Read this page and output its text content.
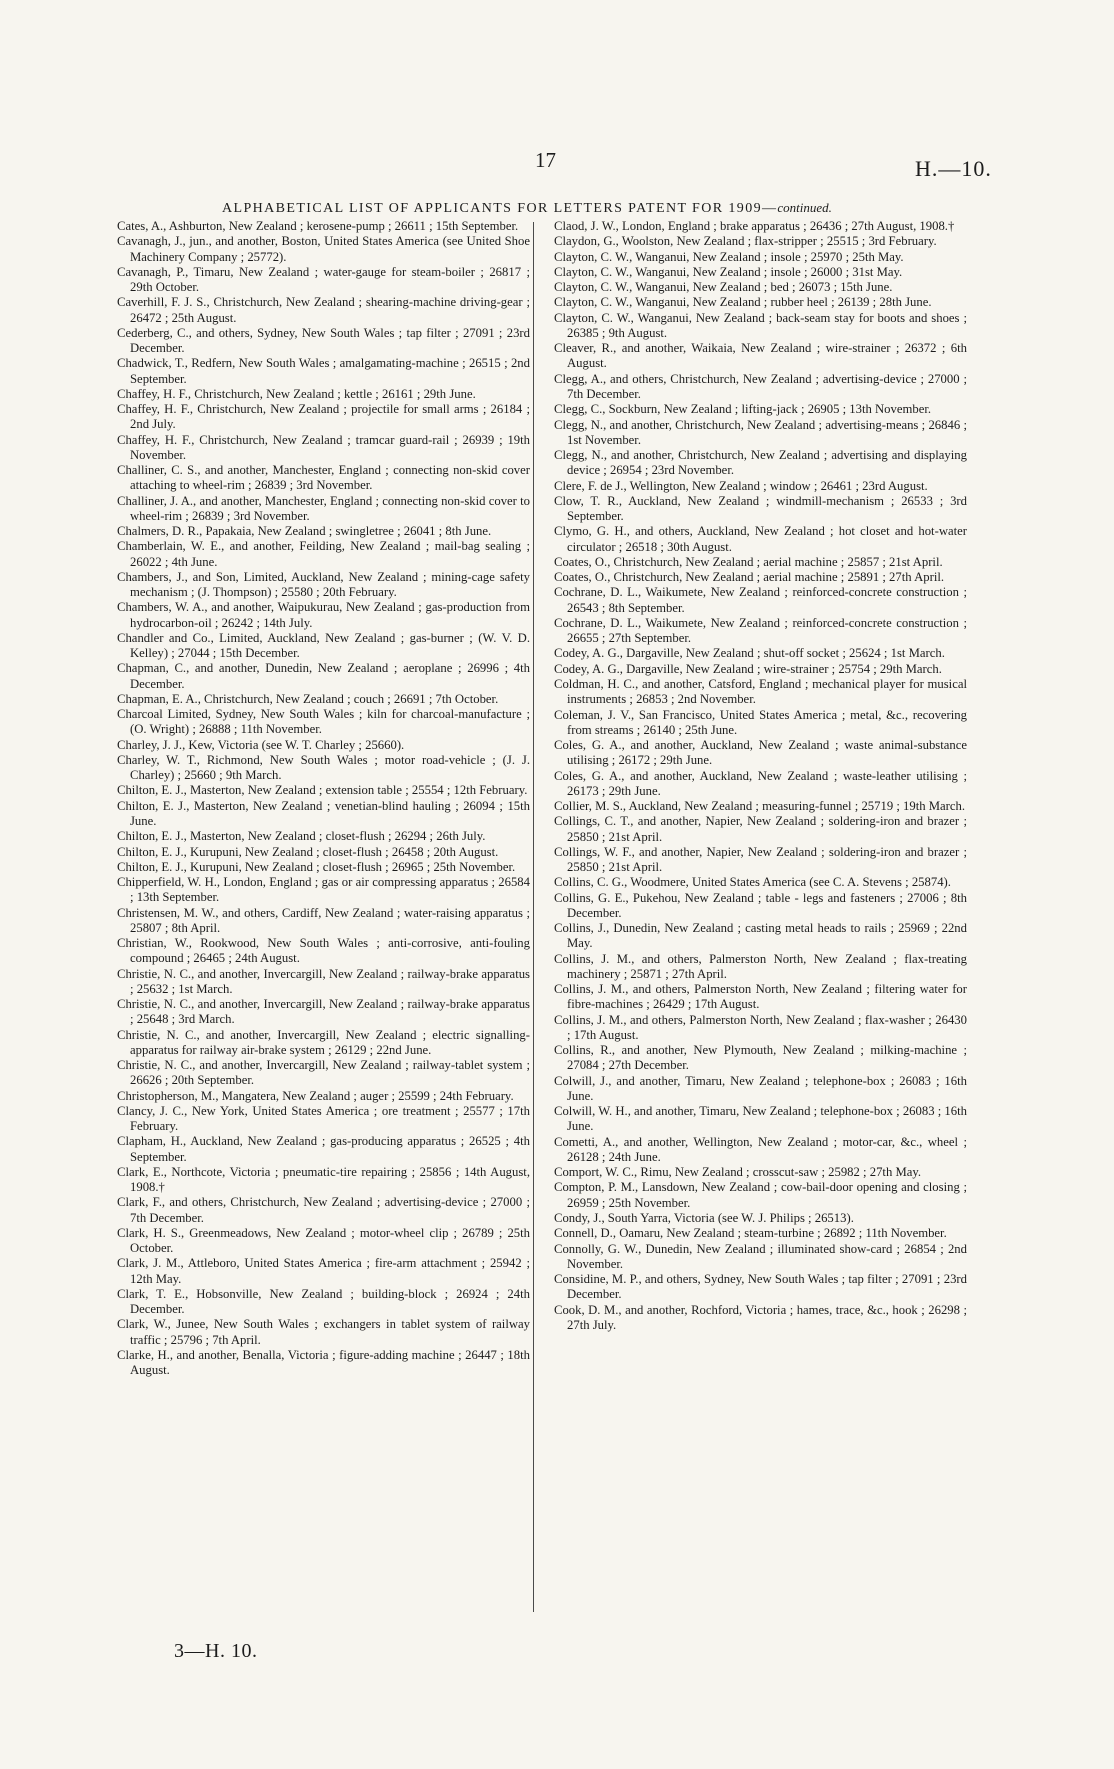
17	H.—10.
ALPHABETICAL LIST OF APPLICANTS FOR LETTERS PATENT FOR 1909—continued.

Cates, A., Ashburton, New Zealand ; kerosene-pump ; 26611 ; 15th September.

Cavanagh, J., jun., and another, Boston, United States America (see United Shoe Machinery Company ; 25772).

Cavanagh, P., Timaru, New Zealand ; water-gauge for steam-boiler ; 26817 ; 29th October.

Caverhill, F. J. S., Christchurch, New Zealand ; shearing-machine driving-gear ; 26472 ; 25th August.

Cederberg, C., and others, Sydney, New South Wales ; tap filter ; 27091 ; 23rd December.

Chadwick, T., Redfern, New South Wales ; amalgamating-machine ; 26515 ; 2nd September.

Chaffey, H. F., Christchurch, New Zealand ; kettle ; 26161 ; 29th June.

Chaffey, H. F., Christchurch, New Zealand ; projectile for small arms ; 26184 ; 2nd July.

Chaffey, H. F., Christchurch, New Zealand ; tramcar guard-rail ; 26939 ; 19th November.

Challiner, C. S., and another, Manchester, England ; connecting non-skid cover attaching to wheel-rim ; 26839 ; 3rd November.

Challiner, J. A., and another, Manchester, England ; connecting non-skid cover to wheel-rim ; 26839 ; 3rd November.

Chalmers, D. R., Papakaia, New Zealand ; swingletree ; 26041 ; 8th June.

Chamberlain, W. E., and another, Feilding, New Zealand ; mail-bag sealing ; 26022 ; 4th June.

Chambers, J., and Son, Limited, Auckland, New Zealand ; mining-cage safety mechanism ; (J. Thompson) ; 25580 ; 20th February.

Chambers, W. A., and another, Waipukurau, New Zealand ; gas-production from hydrocarbon-oil ; 26242 ; 14th July.

Chandler and Co., Limited, Auckland, New Zealand ; gas-burner ; (W. V. D. Kelley) ; 27044 ; 15th December.

Chapman, C., and another, Dunedin, New Zealand ; aeroplane ; 26996 ; 4th December.

Chapman, E. A., Christchurch, New Zealand ; couch ; 26691 ; 7th October.

Charcoal Limited, Sydney, New South Wales ; kiln for charcoal-manufacture ; (O. Wright) ; 26888 ; 11th November.

Charley, J. J., Kew, Victoria (see W. T. Charley ; 25660).

Charley, W. T., Richmond, New South Wales ; motor road-vehicle ; (J. J. Charley) ; 25660 ; 9th March.

Chilton, E. J., Masterton, New Zealand ; extension table ; 25554 ; 12th February.

Chilton, E. J., Masterton, New Zealand ; venetian-blind hauling ; 26094 ; 15th June.

Chilton, E. J., Masterton, New Zealand ; closet-flush ; 26294 ; 26th July.

Chilton, E. J., Kurupuni, New Zealand ; closet-flush ; 26458 ; 20th August.

Chilton, E. J., Kurupuni, New Zealand ; closet-flush ; 26965 ; 25th November.

Chipperfield, W. H., London, England ; gas or air compressing apparatus ; 26584 ; 13th September.

Christensen, M. W., and others, Cardiff, New Zealand ; water-raising apparatus ; 25807 ; 8th April.

Christian, W., Rookwood, New South Wales ; anti-corrosive, anti-fouling compound ; 26465 ; 24th August.

Christie, N. C., and another, Invercargill, New Zealand ; railway-brake apparatus ; 25632 ; 1st March.

Christie, N. C., and another, Invercargill, New Zealand ; railway-brake apparatus ; 25648 ; 3rd March.

Christie, N. C., and another, Invercargill, New Zealand ; electric signalling-apparatus for railway air-brake system ; 26129 ; 22nd June.

Christie, N. C., and another, Invercargill, New Zealand ; railway-tablet system ; 26626 ; 20th September.

Christopherson, M., Mangatera, New Zealand ; auger ; 25599 ; 24th February.

Clancy, J. C., New York, United States America ; ore treatment ; 25577 ; 17th February.

Clapham, H., Auckland, New Zealand ; gas-producing apparatus ; 26525 ; 4th September.

Clark, E., Northcote, Victoria ; pneumatic-tire repairing ; 25856 ; 14th August, 1908.†

Clark, F., and others, Christchurch, New Zealand ; advertising-device ; 27000 ; 7th December.

Clark, H. S., Greenmeadows, New Zealand ; motor-wheel clip ; 26789 ; 25th October.

Clark, J. M., Attleboro, United States America ; fire-arm attachment ; 25942 ; 12th May.

Clark, T. E., Hobsonville, New Zealand ; building-block ; 26924 ; 24th December.

Clark, W., Junee, New South Wales ; exchangers in tablet system of railway traffic ; 25796 ; 7th April.

Clarke, H., and another, Benalla, Victoria ; figure-adding machine ; 26447 ; 18th August.

Claod, J. W., London, England ; brake apparatus ; 26436 ; 27th August, 1908.†

Claydon, G., Woolston, New Zealand ; flax-stripper ; 25515 ; 3rd February.

Clayton, C. W., Wanganui, New Zealand ; insole ; 25970 ; 25th May.

Clayton, C. W., Wanganui, New Zealand ; insole ; 26000 ; 31st May.

Clayton, C. W., Wanganui, New Zealand ; bed ; 26073 ; 15th June.

Clayton, C. W., Wanganui, New Zealand ; rubber heel ; 26139 ; 28th June.

Clayton, C. W., Wanganui, New Zealand ; back-seam stay for boots and shoes ; 26385 ; 9th August.

Cleaver, R., and another, Waikaia, New Zealand ; wire-strainer ; 26372 ; 6th August.

Clegg, A., and others, Christchurch, New Zealand ; advertising-device ; 27000 ; 7th December.

Clegg, C., Sockburn, New Zealand ; lifting-jack ; 26905 ; 13th November.

Clegg, N., and another, Christchurch, New Zealand ; advertising-means ; 26846 ; 1st November.

Clegg, N., and another, Christchurch, New Zealand ; advertising and displaying device ; 26954 ; 23rd November.

Clere, F. de J., Wellington, New Zealand ; window ; 26461 ; 23rd August.

Clow, T. R., Auckland, New Zealand ; windmill-mechanism ; 26533 ; 3rd September.

Clymo, G. H., and others, Auckland, New Zealand ; hot closet and hot-water circulator ; 26518 ; 30th August.

Coates, O., Christchurch, New Zealand ; aerial machine ; 25857 ; 21st April.

Coates, O., Christchurch, New Zealand ; aerial machine ; 25891 ; 27th April.

Cochrane, D. L., Waikumete, New Zealand ; reinforced-concrete construction ; 26543 ; 8th September.

Cochrane, D. L., Waikumete, New Zealand ; reinforced-concrete construction ; 26655 ; 27th September.

Codey, A. G., Dargaville, New Zealand ; shut-off socket ; 25624 ; 1st March.

Codey, A. G., Dargaville, New Zealand ; wire-strainer ; 25754 ; 29th March.

Coldman, H. C., and another, Catsford, England ; mechanical player for musical instruments ; 26853 ; 2nd November.

Coleman, J. V., San Francisco, United States America ; metal, &c., recovering from streams ; 26140 ; 25th June.

Coles, G. A., and another, Auckland, New Zealand ; waste animal-substance utilising ; 26172 ; 29th June.

Coles, G. A., and another, Auckland, New Zealand ; waste-leather utilising ; 26173 ; 29th June.

Collier, M. S., Auckland, New Zealand ; measuring-funnel ; 25719 ; 19th March.

Collings, C. T., and another, Napier, New Zealand ; soldering-iron and brazer ; 25850 ; 21st April.

Collings, W. F., and another, Napier, New Zealand ; soldering-iron and brazer ; 25850 ; 21st April.

Collins, C. G., Woodmere, United States America (see C. A. Stevens ; 25874).

Collins, G. E., Pukehou, New Zealand ; table - legs and fasteners ; 27006 ; 8th December.

Collins, J., Dunedin, New Zealand ; casting metal heads to rails ; 25969 ; 22nd May.

Collins, J. M., and others, Palmerston North, New Zealand ; flax-treating machinery ; 25871 ; 27th April.

Collins, J. M., and others, Palmerston North, New Zealand ; filtering water for fibre-machines ; 26429 ; 17th August.

Collins, J. M., and others, Palmerston North, New Zealand ; flax-washer ; 26430 ; 17th August.

Collins, R., and another, New Plymouth, New Zealand ; milking-machine ; 27084 ; 27th December.

Colwill, J., and another, Timaru, New Zealand ; telephone-box ; 26083 ; 16th June.

Colwill, W. H., and another, Timaru, New Zealand ; telephone-box ; 26083 ; 16th June.

Cometti, A., and another, Wellington, New Zealand ; motor-car, &c., wheel ; 26128 ; 24th June.

Comport, W. C., Rimu, New Zealand ; crosscut-saw ; 25982 ; 27th May.

Compton, P. M., Lansdown, New Zealand ; cow-bail-door opening and closing ; 26959 ; 25th November.

Condy, J., South Yarra, Victoria (see W. J. Philips ; 26513).

Connell, D., Oamaru, New Zealand ; steam-turbine ; 26892 ; 11th November.

Connolly, G. W., Dunedin, New Zealand ; illuminated show-card ; 26854 ; 2nd November.

Considine, M. P., and others, Sydney, New South Wales ; tap filter ; 27091 ; 23rd December.

Cook, D. M., and another, Rochford, Victoria ; hames, trace, &c., hook ; 26298 ; 27th July.

3—H. 10.
